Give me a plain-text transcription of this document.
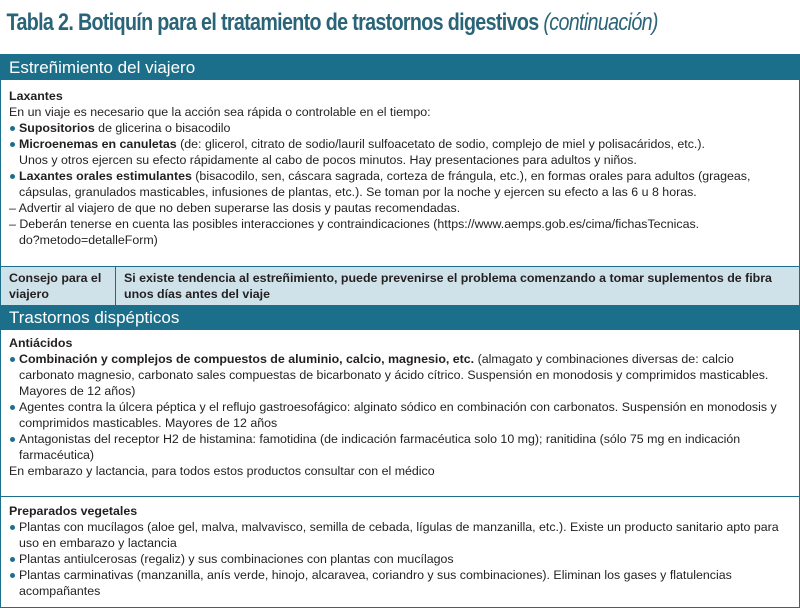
Tabla 2. Botiquín para el tratamiento de trastornos digestivos (continuación)
Estreñimiento del viajero

Laxantes

En un viaje es necesario que la acción sea rápida o controlable en el tiempo:

Supositorios de glicerina o bisacodilo

Microenemas en canuletas (de: glicerol, citrato de sodio/lauril sulfoacetato de sodio, complejo de miel y polisacáridos, etc.).

Unos y otros ejercen su efecto rápidamente al cabo de pocos minutos. Hay presentaciones para adultos y niños.

Laxantes orales estimulantes (bisacodilo, sen, cáscara sagrada, corteza de frángula, etc.), en formas orales para adultos (grageas, cápsulas, granulados masticables, infusiones de plantas, etc.). Se toman por la noche y ejercen su efecto a las 6 u 8 horas.

– Advertir al viajero de que no deben superarse las dosis y pautas recomendadas.

– Deberán tenerse en cuenta las posibles interacciones y contraindicaciones (https://www.aemps.gob.es/cima/fichasTecnicas.

do?metodo=detalleForm)

Consejo para el viajero
Si existe tendencia al estreñimiento, puede prevenirse el problema comenzando a tomar suplementos de fibra unos días antes del viaje
Trastornos dispépticos

Antiácidos

Combinación y complejos de compuestos de aluminio, calcio, magnesio, etc. (almagato y combinaciones diversas de: calcio carbonato magnesio, carbonato sales compuestas de bicarbonato y ácido cítrico. Suspensión en monodosis y comprimidos masticables. Mayores de 12 años)

Agentes contra la úlcera péptica y el reflujo gastroesofágico: alginato sódico en combinación con carbonatos. Suspensión en monodosis y comprimidos masticables. Mayores de 12 años

Antagonistas del receptor H2 de histamina: famotidina (de indicación farmacéutica solo 10 mg); ranitidina (sólo 75 mg en indicación farmacéutica)

En embarazo y lactancia, para todos estos productos consultar con el médico

Preparados vegetales

Plantas con mucílagos (aloe gel, malva, malvavisco, semilla de cebada, lígulas de manzanilla, etc.). Existe un producto sanitario apto para uso en embarazo y lactancia

Plantas antiulcerosas (regaliz) y sus combinaciones con plantas con mucílagos

Plantas carminativas (manzanilla, anís verde, hinojo, alcaravea, coriandro y sus combinaciones). Eliminan los gases y flatulencias acompañantes
